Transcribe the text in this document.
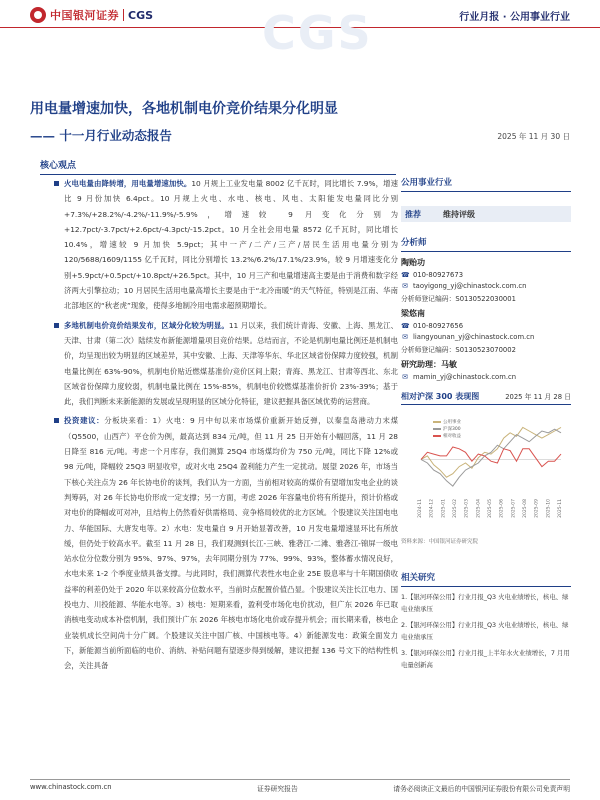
中国银河证券 CGS	行业月报 · 公用事业行业
CGS
用电量增速加快，各地机制电价竞价结果分化明显
—— 十一月行业动态报告	2025 年 11 月 30 日
核心观点
火电电量由降转增，用电量增速加快。10 月规上工业发电量 8002 亿千瓦时，同比增长 7.9%，增速比 9 月份加快 6.4pct。10 月规上火电、水电、核电、风电、太阳能发电量同比分别+7.3%/+28.2%/-4.2%/-11.9%/-5.9%，增速较 9 月变化分别为+12.7pct/-3.7pct/+2.6pct/-4.3pct/-15.2pct。10 月全社会用电量 8572 亿千瓦时，同比增长 10.4%，增速较 9 月加快 5.9pct；其中一产/二产/三产/居民生活用电量分别为 120/5688/1609/1155 亿千瓦时，同比分别增长 13.2%/6.2%/17.1%/23.9%，较 9 月增速变化分别+5.9pct/+0.5pct/+10.8pct/+26.5pct。其中，10 月三产和电量增速高主要是由于消费和数字经济两大引擎拉动；10 月居民生活用电量高增长主要是由于“北冷南暖”的天气特征，特别是江南、华南北部地区的“秋老虎”现象，使得多地制冷用电需求超预期增长。
多地机制电价竞价结果发布，区域分化较为明显。11 月以来，我们统计青海、安徽、上海、黑龙江、天津、甘肃（第二次）陆续发布新能源增量项目竞价结果。总结而言，不论是机制电量比例还是机制电价，均呈现出较为明显的区域差异，其中安徽、上海、天津等华东、华北区域省份保障力度较强，机制电量比例在 63%-90%，机制电价贴近燃煤基准价/竞价区间上限；青海、黑龙江、甘肃等西北、东北区域省份保障力度较弱，机制电量比例在 15%-85%，机制电价较燃煤基准价折价 23%-39%；基于此，我们判断未来新能源的发展或呈现明显的区域分化特征，建议把握具备区域优势的运营商。
投资建议：分板块来看：1）火电：9 月中旬以来市场煤价重新开始反弹，以秦皇岛港动力末煤（Q5500，山西产）平仓价为例，最高达到 834 元/吨，但 11 月 25 日开始有小幅回落，11 月 28 日降至 816 元/吨。考虑一个月库存，我们测算 25Q4 市场煤均价为 750 元/吨，同比下降 12%或 98 元/吨，降幅较 25Q3 明显收窄，或对火电 25Q4 盈利能力产生一定扰动。展望 2026 年，市场当下核心关注点为 26 年长协电价的谈判，我们认为一方面，当前相对较高的煤价有望增加发电企业的谈判筹码，对 26 年长协电价形成一定支撑；另一方面，考虑 2026 年容量电价将有所提升，预计价格或对电价的降幅或可对冲，且结构上仍然看好供需格局、竞争格局较优的北方区域。个股建议关注国电电力、华能国际、大唐发电等。2）水电：发电量自 9 月开始显著改善，10 月发电量增速显环比有所放缓，但仍处于较高水平。截至 11 月 28 日，我们观测到长江-三峡、雅砻江-二滩、雅砻江-锦屏一级电站水位分位数分别为 95%、97%、97%，去年同期分别为 77%、99%、93%，整体蓄水情况良好，水电未来 1-2 个季度业绩具备支撑。与此同时，我们测算代表性水电企业 25E 股息率与十年期国债收益率的利差仍处于 2020 年以来较高分位数水平，当前时点配置价值凸显。个股建议关注长江电力、国投电力、川投能源、华能水电等。3）核电：短期来看，盈利受市场化电价扰动，但广东 2026 年已取消核电变动成本补偿机制，我们预计广东 2026 年核电市场化电价或存提升机会；而长期来看，核电企业装机成长空间尚十分广阔。个股建议关注中国广核、中国核电等。4）新能源发电：政策全面发力下，新能源当前所面临的电价、消纳、补贴问题有望逐步得到缓解，建议把握 136 号文下的结构性机会，关注具备
公用事业行业
推荐	维持评级
分析师
陶贻功
☎ 010-80927673
✉ taoyigong_yj@chinastock.com.cn
分析师登记编码：S0130522030001
梁悠南
☎ 010-80927656
✉ liangyounan_yj@chinastock.com.cn
分析师登记编码：S0130523070002
研究助理：马敏
✉ mamin_yj@chinastock.com.cn
相对沪深 300 表现图	2025 年 11 月 28 日
2024-11 2024-12 2025-01 2025-02 2025-03 2025-04 2025-05 2025-06 2025-07 2025-08 2025-09 2025-10 2025-11
公用事业
沪深300
相对收益
资料来源：中国银河证券研究院
相关研究
1.【银河环保公用】行业月报_Q3 火电业绩增长，核电、绿电业绩承压
2.【银河环保公用】行业月报_Q3 火电业绩增长，核电、绿电业绩承压
3.【银河环保公用】行业月报_上半年水火业绩增长，7 月用电量创新高
www.chinastock.com.cn	证券研究报告	请务必阅读正文最后的中国银河证券股份有限公司免责声明
